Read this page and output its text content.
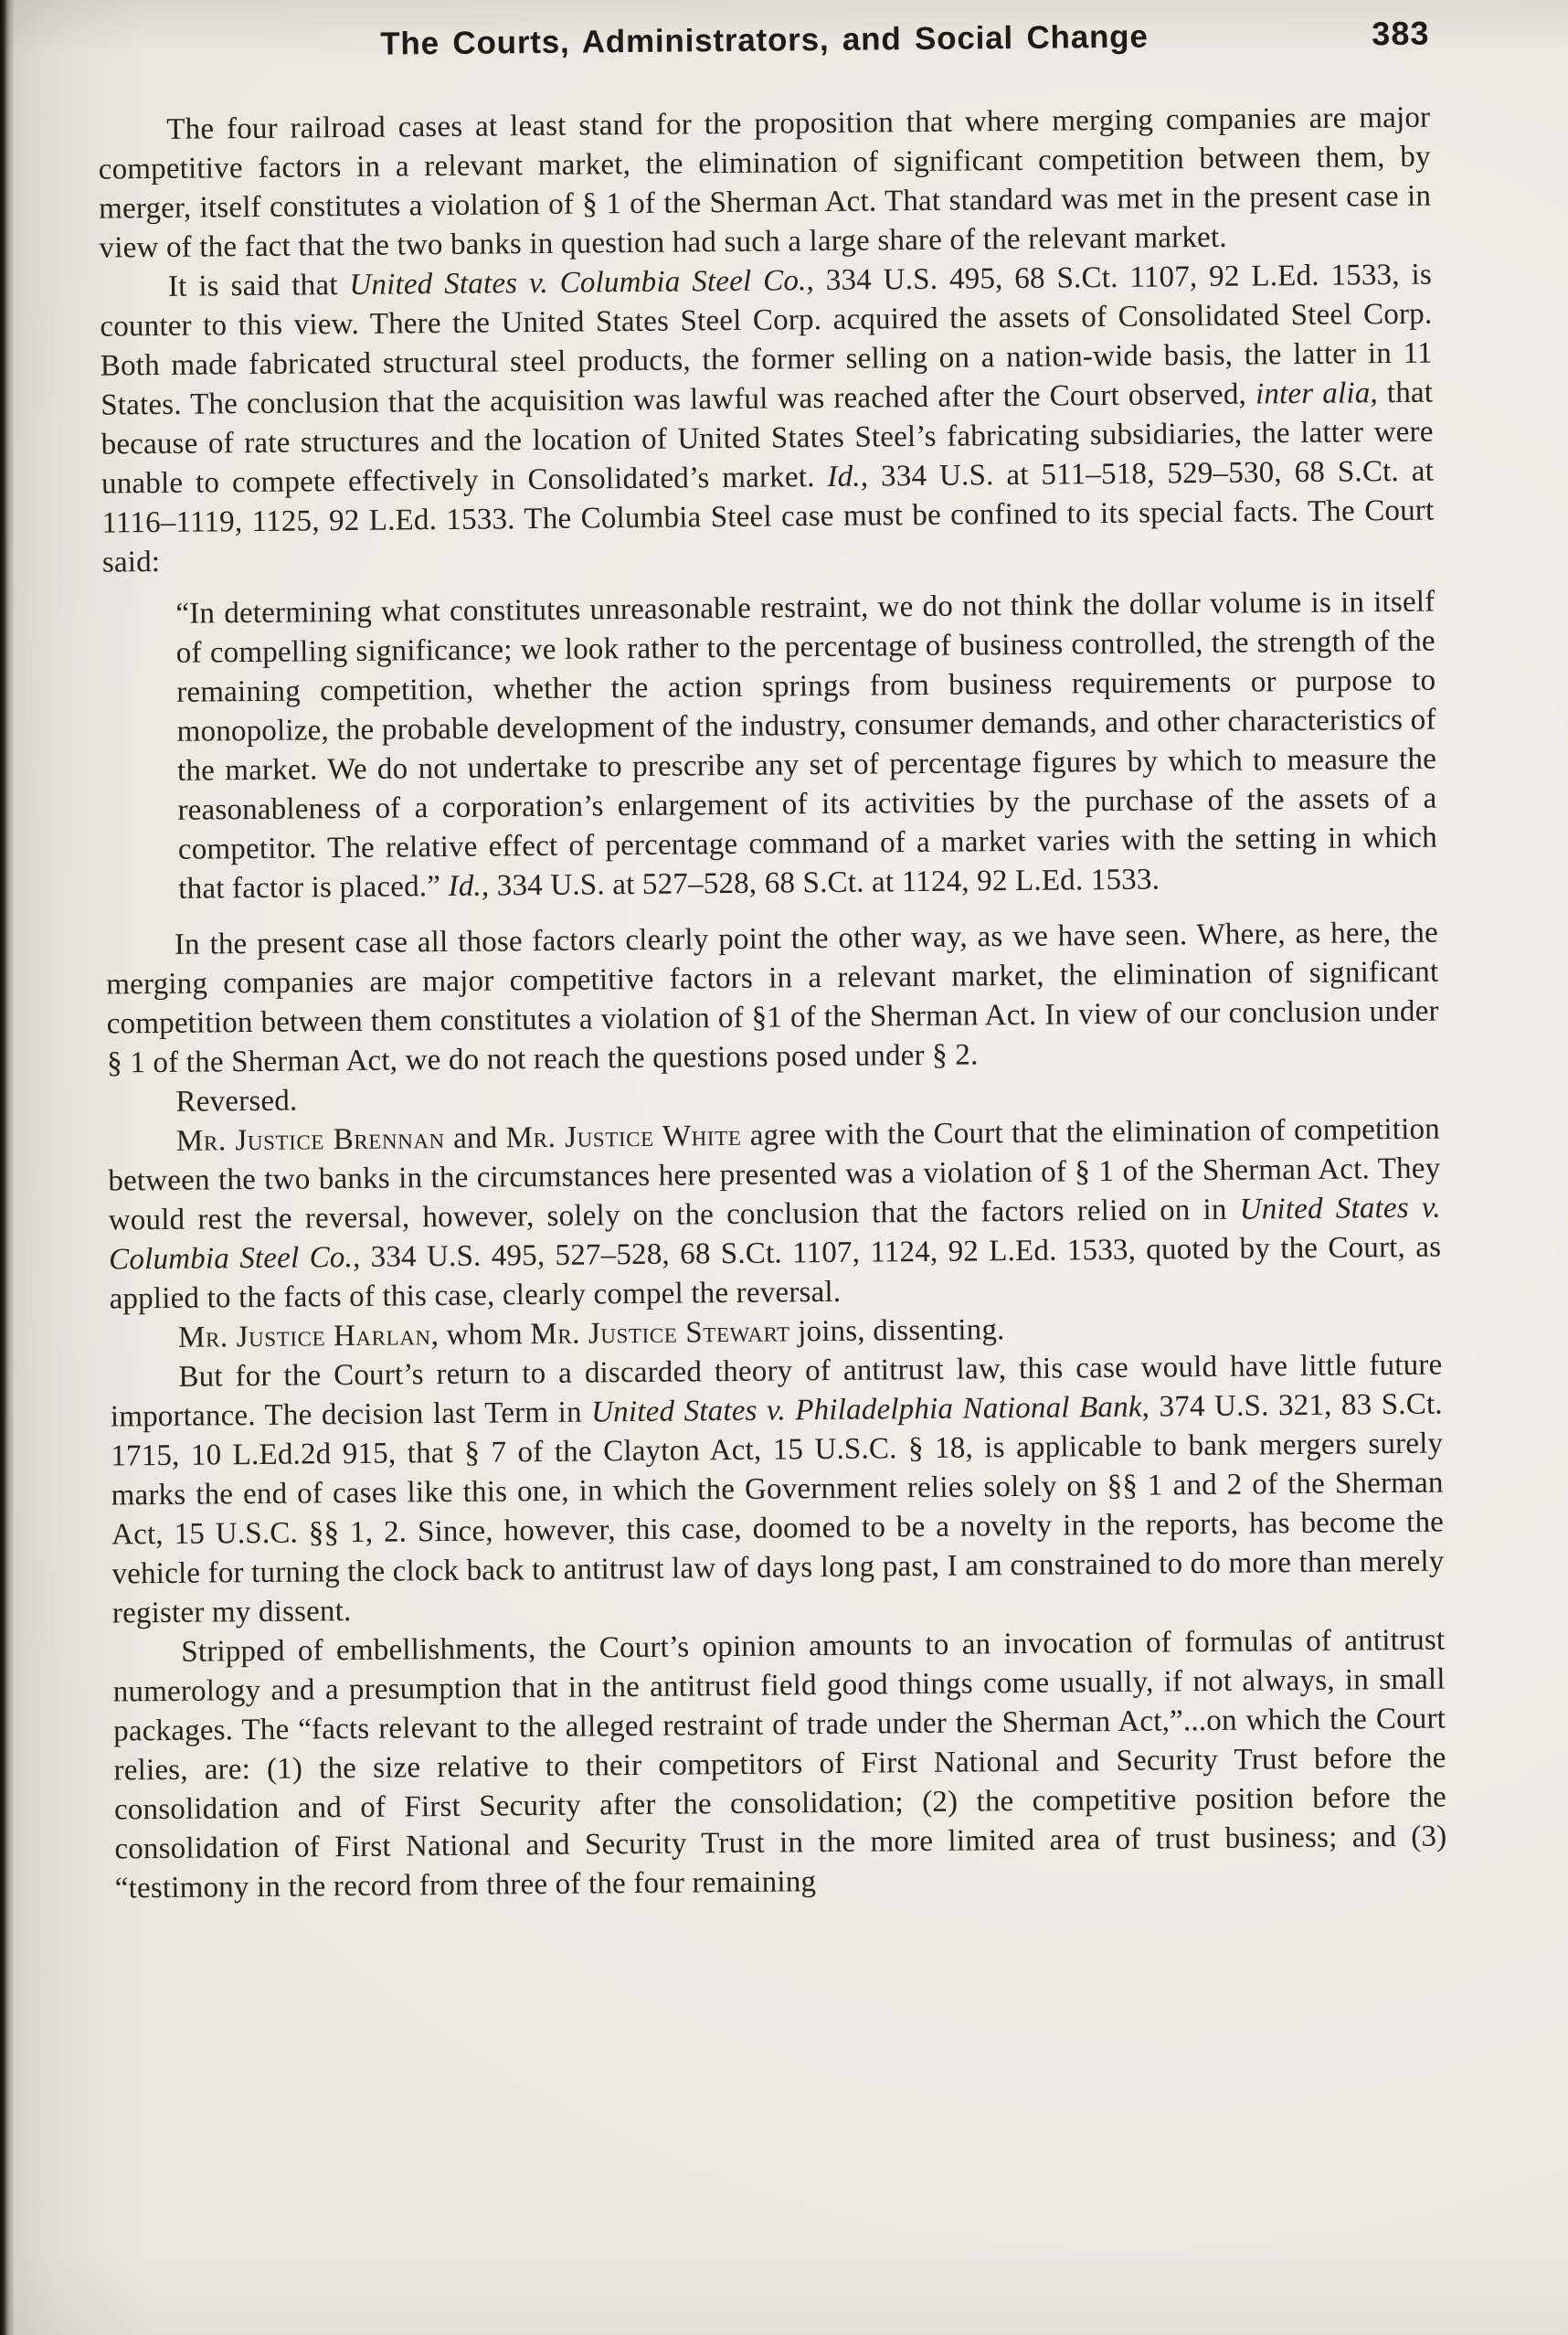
The Courts, Administrators, and Social Change	383

The four railroad cases at least stand for the proposition that where merging companies are major competitive factors in a relevant market, the elimination of significant competition between them, by merger, itself constitutes a violation of § 1 of the Sherman Act. That standard was met in the present case in view of the fact that the two banks in question had such a large share of the relevant market.

It is said that United States v. Columbia Steel Co., 334 U.S. 495, 68 S.Ct. 1107, 92 L.Ed. 1533, is counter to this view. There the United States Steel Corp. acquired the assets of Consolidated Steel Corp. Both made fabricated structural steel products, the former selling on a nation-wide basis, the latter in 11 States. The conclusion that the acquisition was lawful was reached after the Court observed, inter alia, that because of rate structures and the location of United States Steel’s fabricating subsidiaries, the latter were unable to compete effectively in Consolidated’s market. Id., 334 U.S. at 511–518, 529–530, 68 S.Ct. at 1116–1119, 1125, 92 L.Ed. 1533. The Columbia Steel case must be confined to its special facts. The Court said:

“In determining what constitutes unreasonable restraint, we do not think the dollar volume is in itself of compelling significance; we look rather to the percentage of business controlled, the strength of the remaining competition, whether the action springs from business requirements or purpose to monopolize, the probable development of the industry, consumer demands, and other characteristics of the market. We do not undertake to prescribe any set of percentage figures by which to measure the reasonableness of a corporation’s enlargement of its activities by the purchase of the assets of a competitor. The relative effect of percentage command of a market varies with the setting in which that factor is placed.” Id., 334 U.S. at 527–528, 68 S.Ct. at 1124, 92 L.Ed. 1533.

In the present case all those factors clearly point the other way, as we have seen. Where, as here, the merging companies are major competitive factors in a relevant market, the elimination of significant competition between them constitutes a violation of §1 of the Sherman Act. In view of our conclusion under § 1 of the Sherman Act, we do not reach the questions posed under § 2.

Reversed.

Mr. Justice Brennan and Mr. Justice White agree with the Court that the elimination of competition between the two banks in the circumstances here presented was a violation of § 1 of the Sherman Act. They would rest the reversal, however, solely on the conclusion that the factors relied on in United States v. Columbia Steel Co., 334 U.S. 495, 527–528, 68 S.Ct. 1107, 1124, 92 L.Ed. 1533, quoted by the Court, as applied to the facts of this case, clearly compel the reversal.

Mr. Justice Harlan, whom Mr. Justice Stewart joins, dissenting.

But for the Court’s return to a discarded theory of antitrust law, this case would have little future importance. The decision last Term in United States v. Philadelphia National Bank, 374 U.S. 321, 83 S.Ct. 1715, 10 L.Ed.2d 915, that § 7 of the Clayton Act, 15 U.S.C. § 18, is applicable to bank mergers surely marks the end of cases like this one, in which the Government relies solely on §§ 1 and 2 of the Sherman Act, 15 U.S.C. §§ 1, 2. Since, however, this case, doomed to be a novelty in the reports, has become the vehicle for turning the clock back to antitrust law of days long past, I am constrained to do more than merely register my dissent.

Stripped of embellishments, the Court’s opinion amounts to an invocation of formulas of antitrust numerology and a presumption that in the antitrust field good things come usually, if not always, in small packages. The “facts relevant to the alleged restraint of trade under the Sherman Act,”...on which the Court relies, are: (1) the size relative to their competitors of First National and Security Trust before the consolidation and of First Security after the consolidation; (2) the competitive position before the consolidation of First National and Security Trust in the more limited area of trust business; and (3) “testimony in the record from three of the four remaining
